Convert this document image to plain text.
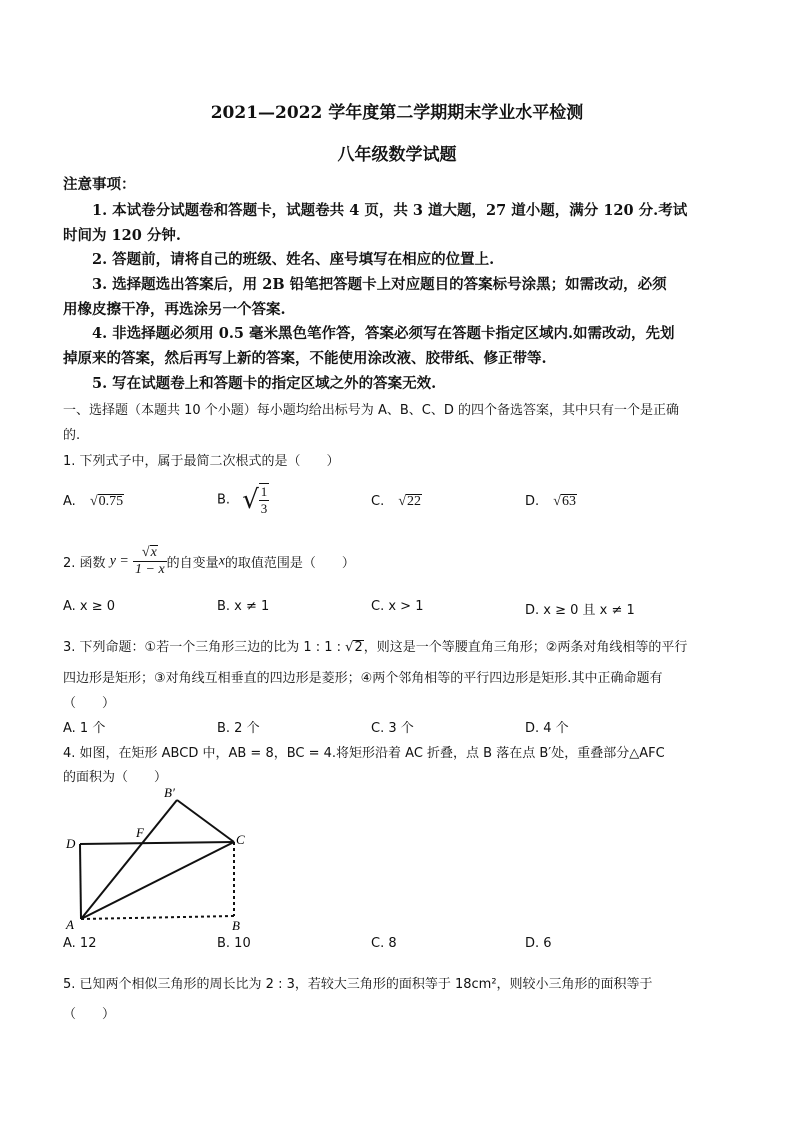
2021—2022 学年度第二学期期末学业水平检测
八年级数学试题
注意事项：
1. 本试卷分试题卷和答题卡，试题卷共 4 页，共 3 道大题，27 道小题，满分 120 分.考试
时间为 120 分钟.
2. 答题前，请将自己的班级、姓名、座号填写在相应的位置上.
3. 选择题选出答案后，用 2B 铅笔把答题卡上对应题目的答案标号涂黑；如需改动，必须
用橡皮擦干净，再选涂另一个答案.
4. 非选择题必须用 0.5 毫米黑色笔作答，答案必须写在答题卡指定区域内.如需改动，先划
掉原来的答案，然后再写上新的答案，不能使用涂改液、胶带纸、修正带等.
5. 写在试题卷上和答题卡的指定区域之外的答案无效.
一、选择题（本题共 10 个小题）每小题均给出标号为 A、B、C、D 的四个备选答案，其中只有一个是正确
的.
1. 下列式子中，属于最简二次根式的是（　　）
A. √0.75	B. √ $\frac{1}{3}$	C. √22	D. √63
2. 函数 $y = \frac{√x}{1 - x}$ 的自变量x的取值范围是（　　）
A. x ≥ 0	B. x ≠ 1	C. x > 1	D. x ≥ 0 且 x ≠ 1
3. 下列命题：①若一个三角形三边的比为 1 : 1 : √2，则这是一个等腰直角三角形；②两条对角线相等的平行
四边形是矩形；③对角线互相垂直的四边形是菱形；④两个邻角相等的平行四边形是矩形.其中正确命题有
（　　）
A. 1 个	B. 2 个	C. 3 个	D. 4 个
4. 如图，在矩形 ABCD 中，AB = 8，BC = 4.将矩形沿着 AC 折叠，点 B 落在点 B′处，重叠部分△AFC
的面积为（　　）
B′
F
D	C
A	B
A. 12	B. 10	C. 8	D. 6
5. 已知两个相似三角形的周长比为 2 : 3，若较大三角形的面积等于 18cm²，则较小三角形的面积等于
（　　）
